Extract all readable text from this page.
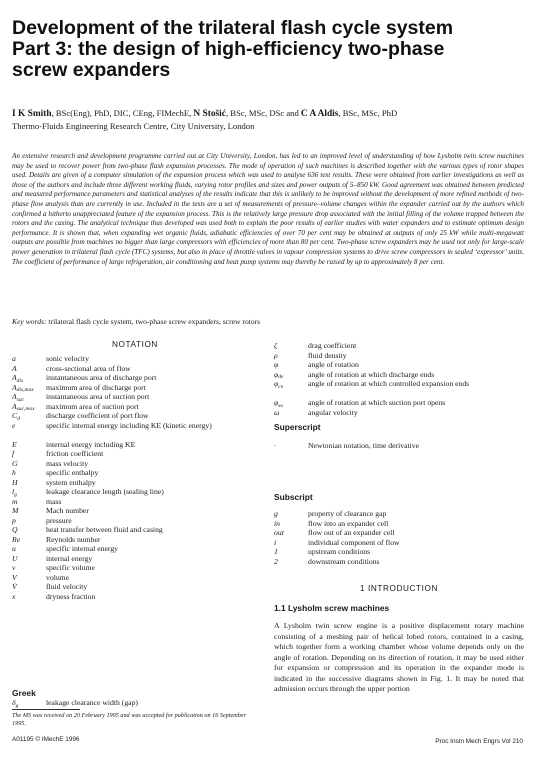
Development of the trilateral flash cycle system
Part 3: the design of high-efficiency two-phase
screw expanders
I K Smith, BSc(Eng), PhD, DIC, CEng, FIMechE, N Stošić, BSc, MSc, DSc and C A Aldis, BSc, MSc, PhD
Thermo-Fluids Engineering Research Centre, City University, London
An extensive research and development programme carried out at City University, London, has led to an improved level of understanding of how Lysholm twin screw machines may be used to recover power from two-phase flash expansion processes. The mode of operation of such machines is described together with the various types of rotor shapes used. Details are given of a computer simulation of the expansion process which was used to analyse 636 test results. These were obtained from earlier investigations as well as those of the authors and include three different working fluids, varying rotor profiles and sizes and power outputs of 5–850 kW. Good agreement was obtained between predicted and measured performance parameters and statistical analyses of the results indicate that this is unlikely to be improved without the development of more refined methods of two-phase flow analysis than are currently in use. Included in the tests are a set of measurements of pressure–volume changes within the expander carried out by the authors which confirmed a hitherto unappreciated feature of the expansion process. This is the relatively large pressure drop associated with the initial filling of the volume trapped between the rotors and the casing. The analytical technique thus developed was used both to explain the poor results of earlier studies with water expanders and to estimate optimum design performance. It is shown that, when expanding wet organic fluids, adiabatic efficiencies of over 70 per cent may be obtained at outputs of only 25 kW while multi-megawatt outputs are possible from machines no bigger than large compressors with efficiencies of more than 80 per cent. Two-phase screw expanders may be used not only for large-scale power generation in trilateral flash cycle (TFC) systems, but also in place of throttle valves in vapour compression systems to drive screw compressors in sealed ‘expressor’ units. The coefficient of performance of large refrigeration, air conditioning and heat pump systems may thereby be raised by up to approximately 8 per cent.
Key words: trilateral flash cycle system, two-phase screw expanders, screw rotors
NOTATION
a	sonic velocity
A	cross-sectional area of flow
$A_{dis}$	instantaneous area of discharge port
$A_{dis,max}$ maximum area of discharge port
$A_{suc}$	instantaneous area of suction port
$A_{suc,max}$ maximum area of suction port
$C_d$	discharge coefficient of port flow
e	specific internal energy including KE (kinetic energy)
E	internal energy including KE
f	friction coefficient
G	mass velocity
h	specific enthalpy
H	system enthalpy
$l_g$	leakage clearance length (sealing line)
m	mass
M	Mach number
p	pressure
Q	heat transfer between fluid and casing
Re	Reynolds number
u	specific internal energy
U	internal energy
v	specific volume
V	volume
V̇	fluid velocity
x	dryness fraction
Greek
$\delta_g$	leakage clearance width (gap)
The MS was received on 20 February 1995 and was accepted for publication on 16 September 1995.
ζ	drag coefficient
ρ	fluid density
φ	angle of rotation
$\varphi_{de}$	angle of rotation at which discharge ends
$\varphi_{ce}$	angle of rotation at which controlled expansion ends
$\varphi_{so}$	angle of rotation at which suction port opens
ω	angular velocity
Superscript
·	Newtonian notation, time derivative
Subscript
g	property of clearance gap
in	flow into an expander cell
out	flow out of an expander cell
i	individual component of flow
1	upstream conditions
2	downstream conditions
1 INTRODUCTION
1.1 Lysholm screw machines
A Lysholm twin screw engine is a positive displacement rotary machine consisting of a meshing pair of helical lobed rotors, contained in a casing, which together form a working chamber whose volume depends only on the angle of rotation. Depending on its direction of rotation, it may be used either for expansion or compression and its operation in the expander mode is indicated in the successive diagrams shown in Fig. 1. It may be noted that admission occurs through the upper portion
A01195 © IMechE 1996	Proc Instn Mech Engrs Vol 210
